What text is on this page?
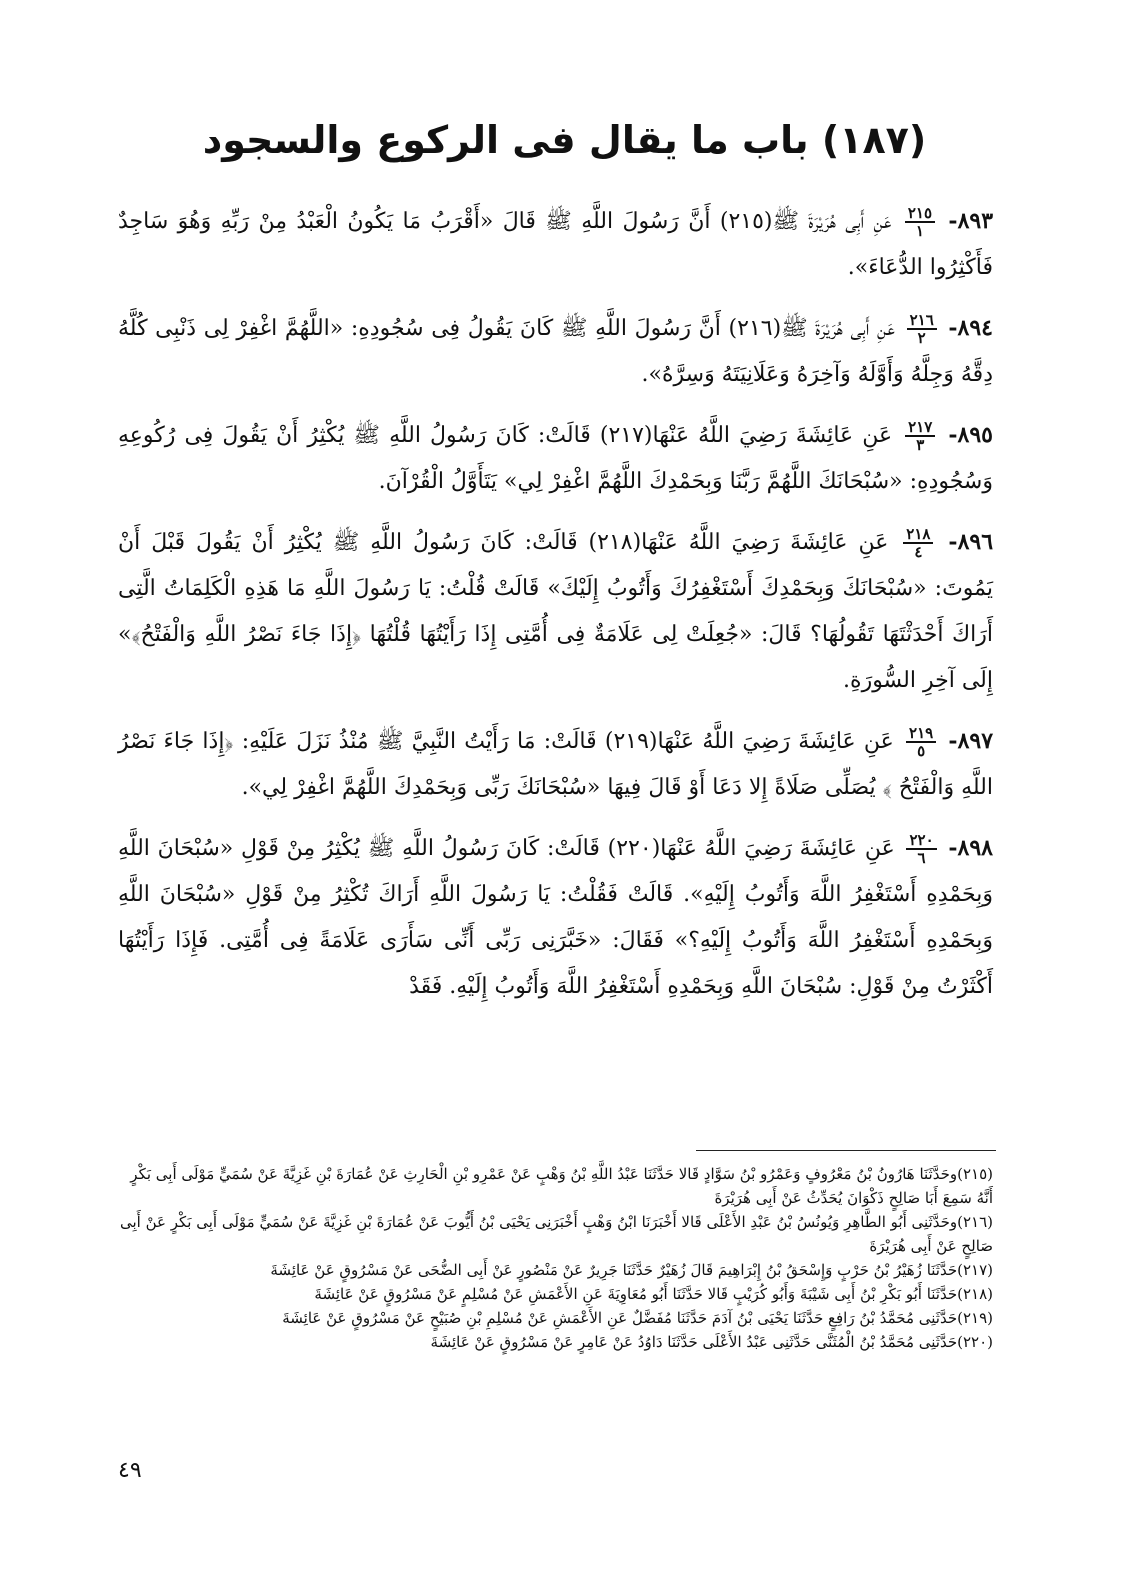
(١٨٧) باب ما يقال فى الركوع والسجود

٨٩٣-
$\frac{٢١٥}{١}$
عَنِ أَبِى هُرَيْرَةَ ﷺ(٢١٥) أَنَّ رَسُولَ اللَّهِ ﷺ قَالَ «أَقْرَبُ مَا يَكُونُ الْعَبْدُ مِنْ رَبِّهِ وَهُوَ سَاجِدٌ فَأَكْثِرُوا الدُّعَاءَ».

٨٩٤-
$\frac{٢١٦}{٢}$
عَنِ أَبِى هُرَيْرَةَ ﷺ(٢١٦) أَنَّ رَسُولَ اللَّهِ ﷺ كَانَ يَقُولُ فِى سُجُودِهِ: «اللَّهُمَّ اغْفِرْ لِى ذَنْبِى كُلَّهُ دِقَّهُ وَجِلَّهُ وَأَوَّلَهُ وَآخِرَهُ وَعَلَانِيَتَهُ وَسِرَّهُ».

٨٩٥-
$\frac{٢١٧}{٣}$
عَنِ عَائِشَةَ رَضِيَ اللَّهُ عَنْهَا(٢١٧) قَالَتْ: كَانَ رَسُولُ اللَّهِ ﷺ يُكْثِرُ أَنْ يَقُولَ فِى رُكُوعِهِ وَسُجُودِهِ: «سُبْحَانَكَ اللَّهُمَّ رَبَّنَا وَبِحَمْدِكَ اللَّهُمَّ اغْفِرْ لِي» يَتَأَوَّلُ الْقُرْآنَ.

٨٩٦-
$\frac{٢١٨}{٤}$
عَنِ عَائِشَةَ رَضِيَ اللَّهُ عَنْهَا(٢١٨) قَالَتْ: كَانَ رَسُولُ اللَّهِ ﷺ يُكْثِرُ أَنْ يَقُولَ قَبْلَ أَنْ يَمُوتَ: «سُبْحَانَكَ وَبِحَمْدِكَ أَسْتَغْفِرُكَ وَأَتُوبُ إِلَيْكَ» قَالَتْ قُلْتُ: يَا رَسُولَ اللَّهِ مَا هَذِهِ الْكَلِمَاتُ الَّتِى أَرَاكَ أَحْدَثْتَهَا تَقُولُهَا؟ قَالَ: «جُعِلَتْ لِى عَلَامَةٌ فِى أُمَّتِى إِذَا رَأَيْتُهَا قُلْتُهَا ﴿إِذَا جَاءَ نَصْرُ اللَّهِ وَالْفَتْحُ﴾» إِلَى آخِرِ السُّورَةِ.

٨٩٧-
$\frac{٢١٩}{٥}$
عَنِ عَائِشَةَ رَضِيَ اللَّهُ عَنْهَا(٢١٩) قَالَتْ: مَا رَأَيْتُ النَّبِيَّ ﷺ مُنْذُ نَزَلَ عَلَيْهِ: ﴿إِذَا جَاءَ نَصْرُ اللَّهِ وَالْفَتْحُ ﴾ يُصَلِّى صَلَاةً إِلا دَعَا أَوْ قَالَ فِيهَا «سُبْحَانَكَ رَبِّى وَبِحَمْدِكَ اللَّهُمَّ اغْفِرْ لِي».

٨٩٨-
$\frac{٢٢٠}{٦}$
عَنِ عَائِشَةَ رَضِيَ اللَّهُ عَنْهَا(٢٢٠) قَالَتْ: كَانَ رَسُولُ اللَّهِ ﷺ يُكْثِرُ مِنْ قَوْلِ «سُبْحَانَ اللَّهِ وَبِحَمْدِهِ أَسْتَغْفِرُ اللَّهَ وَأَتُوبُ إِلَيْهِ». قَالَتْ فَقُلْتُ: يَا رَسُولَ اللَّهِ أَرَاكَ تُكْثِرُ مِنْ قَوْلِ «سُبْحَانَ اللَّهِ وَبِحَمْدِهِ أَسْتَغْفِرُ اللَّهَ وَأَتُوبُ إِلَيْهِ؟» فَقَالَ: «خَبَّرَنِى رَبِّى أَنِّى سَأَرَى عَلَامَةً فِى أُمَّتِى. فَإِذَا رَأَيْتُهَا أَكْثَرْتُ مِنْ قَوْلِ: سُبْحَانَ اللَّهِ وَبِحَمْدِهِ أَسْتَغْفِرُ اللَّهَ وَأَتُوبُ إِلَيْهِ. فَقَدْ

(٢١٥)وحَدَّثَنَا هَارُونُ بْنُ مَعْرُوفٍ وَعَمْرُو بْنُ سَوَّادٍ قَالا حَدَّثَنَا عَبْدُ اللَّهِ بْنُ وَهْبٍ عَنْ عَمْرِو بْنِ الْحَارِثِ عَنْ عُمَارَةَ بْنِ غَزِيَّةَ عَنْ سُمَيٍّ مَوْلَى أَبِى بَكْرٍ أَنَّهُ سَمِعَ أَبَا صَالِحٍ ذَكْوَانَ يُحَدِّثُ عَنْ أَبِى هُرَيْرَةَ

(٢١٦)وحَدَّثَنِى أَبُو الطَّاهِرِ وَيُونُسُ بْنُ عَبْدِ الأَعْلَى قَالا أَخْبَرَنَا ابْنُ وَهْبٍ أَخْبَرَنِى يَحْيَى بْنُ أَيُّوبَ عَنْ عُمَارَةَ بْنِ غَزِيَّةَ عَنْ سُمَيٍّ مَوْلَى أَبِى بَكْرٍ عَنْ أَبِى صَالِحٍ عَنْ أَبِى هُرَيْرَةَ

(٢١٧)حَدَّثَنَا زُهَيْرُ بْنُ حَرْبٍ وَإِسْحَقُ بْنُ إِبْرَاهِيمَ قَالَ زُهَيْرٌ حَدَّثَنَا جَرِيرٌ عَنْ مَنْصُورٍ عَنْ أَبِى الضُّحَى عَنْ مَسْرُوقٍ عَنْ عَائِشَةَ

(٢١٨)حَدَّثَنَا أَبُو بَكْرِ بْنُ أَبِى شَيْبَةَ وَأَبُو كُرَيْبٍ قَالا حَدَّثَنَا أَبُو مُعَاوِيَةَ عَنِ الأَعْمَشِ عَنْ مُسْلِمٍ عَنْ مَسْرُوقٍ عَنْ عَائِشَةَ

(٢١٩)حَدَّثَنِى مُحَمَّدُ بْنُ رَافِعٍ حَدَّثَنَا يَحْيَى بْنُ آدَمَ حَدَّثَنَا مُفَضَّلٌ عَنِ الأَعْمَشِ عَنْ مُسْلِمِ بْنِ صُبَيْحٍ عَنْ مَسْرُوقٍ عَنْ عَائِشَةَ

(٢٢٠)حَدَّثَنِى مُحَمَّدُ بْنُ الْمُثَنَّى حَدَّثَنِى عَبْدُ الأَعْلَى حَدَّثَنَا دَاوُدُ عَنْ عَامِرٍ عَنْ مَسْرُوقٍ عَنْ عَائِشَةَ

٤٩
